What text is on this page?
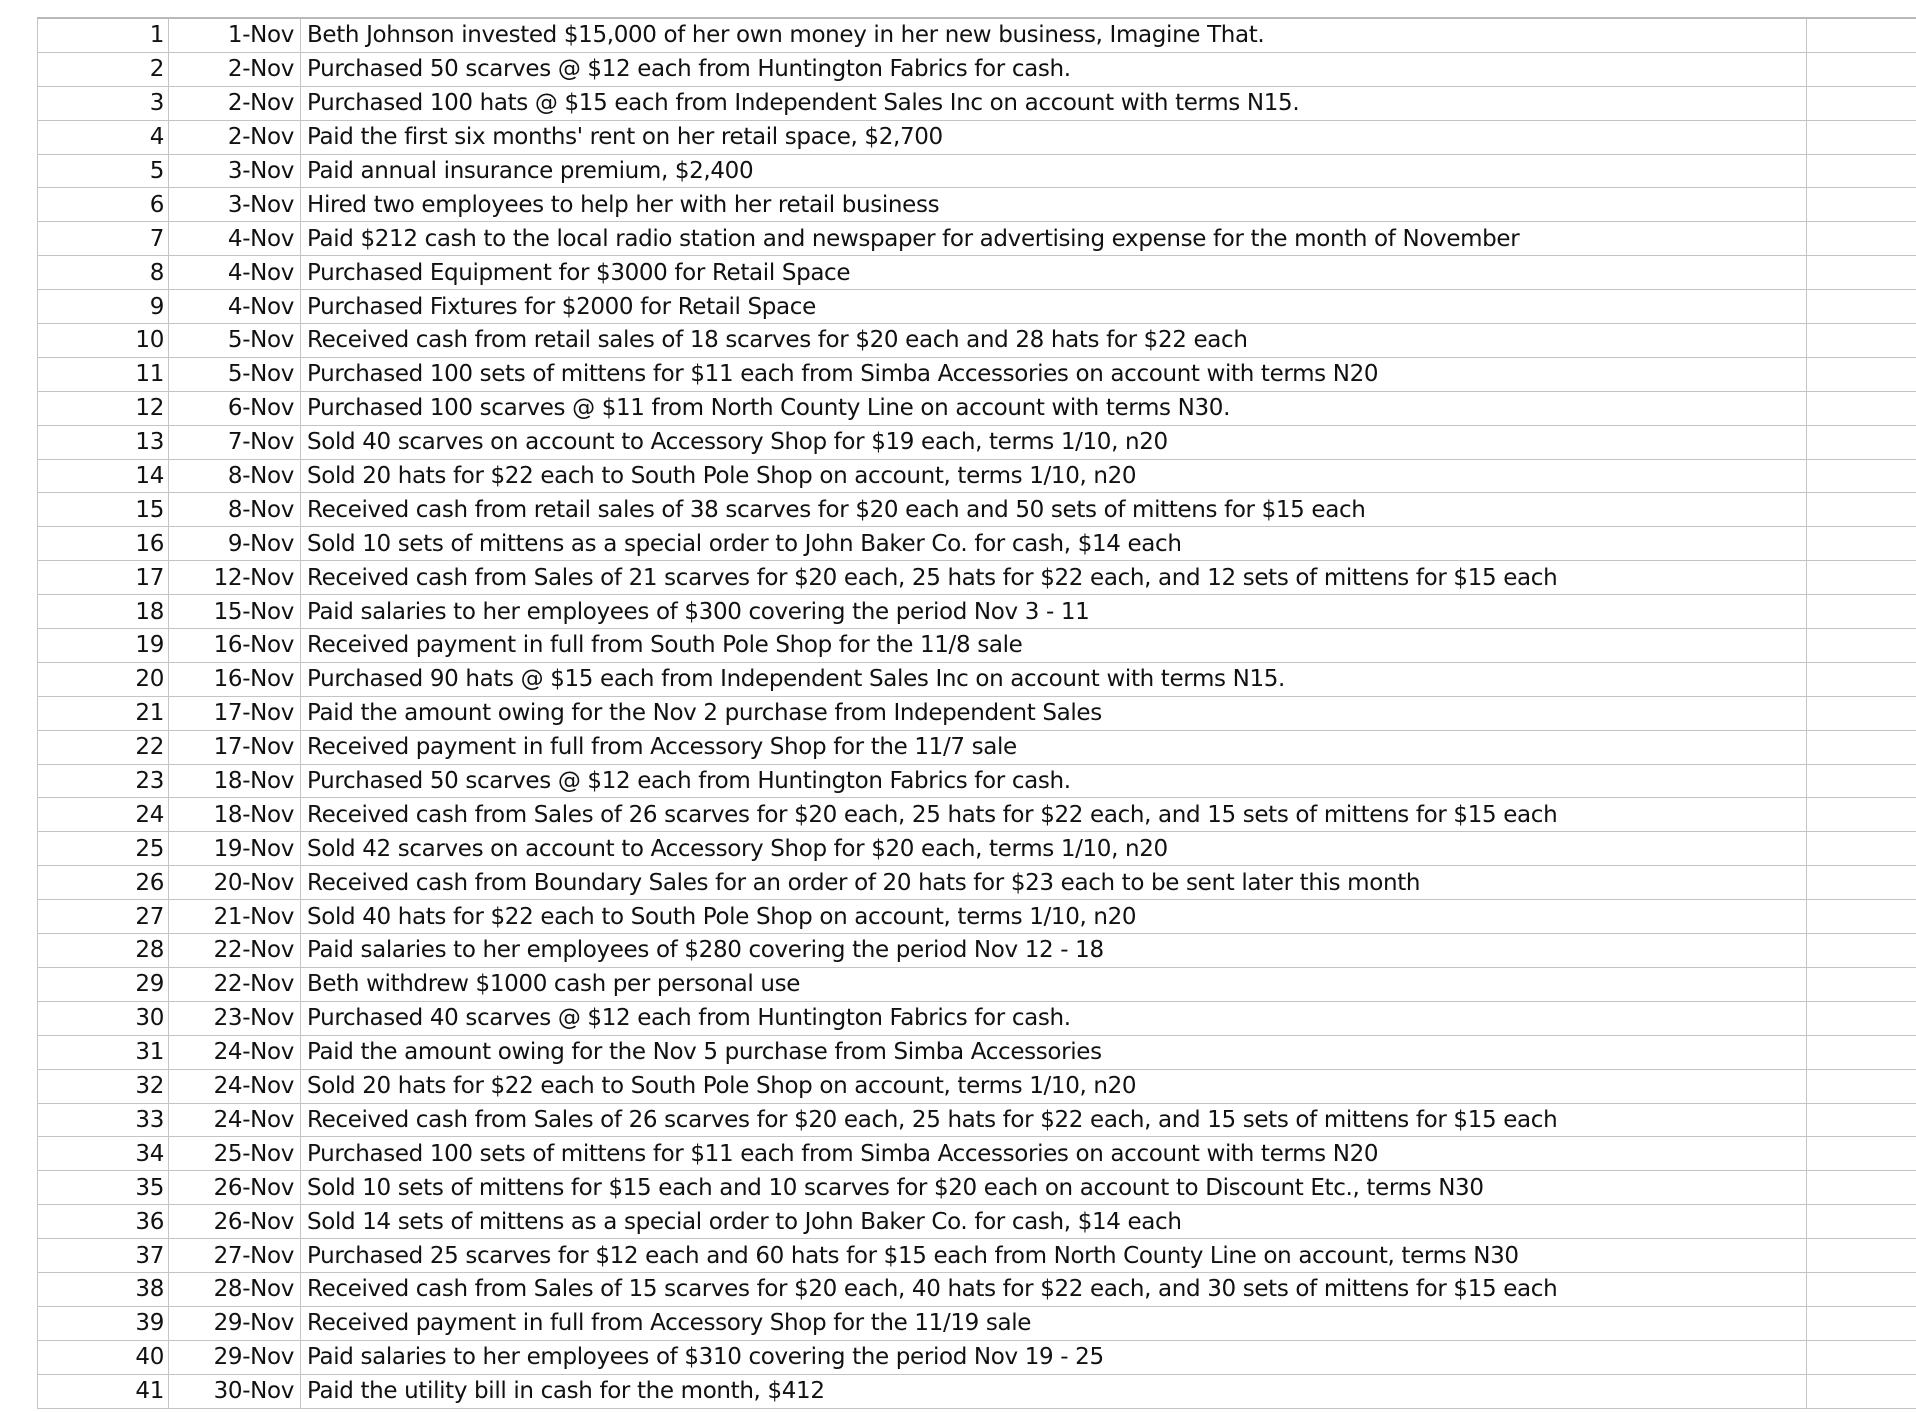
1	1-Nov Beth Johnson invested $15,000 of her own money in her new business, Imagine That.
2	2-Nov Purchased 50 scarves @ $12 each from Huntington Fabrics for cash.
3	2-Nov Purchased 100 hats @ $15 each from Independent Sales Inc on account with terms N15.
4	2-Nov Paid the first six months' rent on her retail space, $2,700
5	3-Nov Paid annual insurance premium, $2,400
6	3-Nov Hired two employees to help her with her retail business
7	4-Nov Paid $212 cash to the local radio station and newspaper for advertising expense for the month of November
8	4-Nov Purchased Equipment for $3000 for Retail Space
9	4-Nov Purchased Fixtures for $2000 for Retail Space
10	5-Nov Received cash from retail sales of 18 scarves for $20 each and 28 hats for $22 each
11	5-Nov Purchased 100 sets of mittens for $11 each from Simba Accessories on account with terms N20
12	6-Nov Purchased 100 scarves @ $11 from North County Line on account with terms N30.
13	7-Nov Sold 40 scarves on account to Accessory Shop for $19 each, terms 1/10, n20
14	8-Nov Sold 20 hats for $22 each to South Pole Shop on account, terms 1/10, n20
15	8-Nov Received cash from retail sales of 38 scarves for $20 each and 50 sets of mittens for $15 each
16	9-Nov Sold 10 sets of mittens as a special order to John Baker Co. for cash, $14 each
17	12-Nov Received cash from Sales of 21 scarves for $20 each, 25 hats for $22 each, and 12 sets of mittens for $15 each
18	15-Nov Paid salaries to her employees of $300 covering the period Nov 3 - 11
19	16-Nov Received payment in full from South Pole Shop for the 11/8 sale
20	16-Nov Purchased 90 hats @ $15 each from Independent Sales Inc on account with terms N15.
21	17-Nov Paid the amount owing for the Nov 2 purchase from Independent Sales
22	17-Nov Received payment in full from Accessory Shop for the 11/7 sale
23	18-Nov Purchased 50 scarves @ $12 each from Huntington Fabrics for cash.
24	18-Nov Received cash from Sales of 26 scarves for $20 each, 25 hats for $22 each, and 15 sets of mittens for $15 each
25	19-Nov Sold 42 scarves on account to Accessory Shop for $20 each, terms 1/10, n20
26	20-Nov Received cash from Boundary Sales for an order of 20 hats for $23 each to be sent later this month
27	21-Nov Sold 40 hats for $22 each to South Pole Shop on account, terms 1/10, n20
28	22-Nov Paid salaries to her employees of $280 covering the period Nov 12 - 18
29	22-Nov Beth withdrew $1000 cash per personal use
30	23-Nov Purchased 40 scarves @ $12 each from Huntington Fabrics for cash.
31	24-Nov Paid the amount owing for the Nov 5 purchase from Simba Accessories
32	24-Nov Sold 20 hats for $22 each to South Pole Shop on account, terms 1/10, n20
33	24-Nov Received cash from Sales of 26 scarves for $20 each, 25 hats for $22 each, and 15 sets of mittens for $15 each
34	25-Nov Purchased 100 sets of mittens for $11 each from Simba Accessories on account with terms N20
35	26-Nov Sold 10 sets of mittens for $15 each and 10 scarves for $20 each on account to Discount Etc., terms N30
36	26-Nov Sold 14 sets of mittens as a special order to John Baker Co. for cash, $14 each
37	27-Nov Purchased 25 scarves for $12 each and 60 hats for $15 each from North County Line on account, terms N30
38	28-Nov Received cash from Sales of 15 scarves for $20 each, 40 hats for $22 each, and 30 sets of mittens for $15 each
39	29-Nov Received payment in full from Accessory Shop for the 11/19 sale
40	29-Nov Paid salaries to her employees of $310 covering the period Nov 19 - 25
41	30-Nov Paid the utility bill in cash for the month, $412
